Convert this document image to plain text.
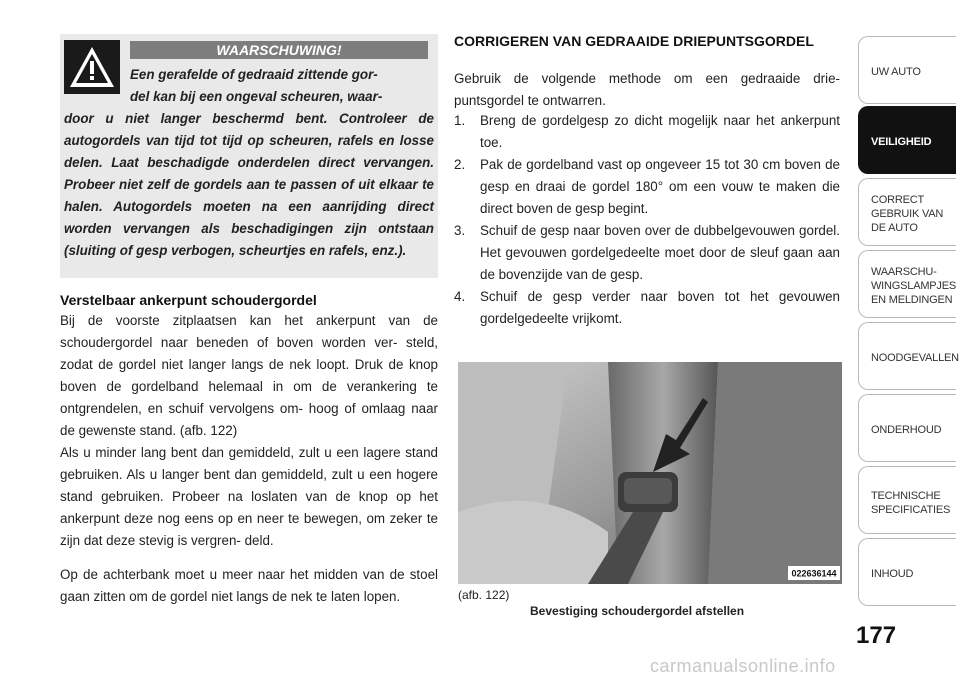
WAARSCHUWING!
Een gerafelde of gedraaid zittende gor-
del kan bij een ongeval scheuren, waar-
door u niet langer beschermd bent. Controleer de autogordels van tijd tot tijd op scheuren, rafels en losse delen. Laat beschadigde onderdelen direct vervangen. Probeer niet zelf de gordels aan te passen of uit elkaar te halen. Autogordels moeten na een aanrijding direct worden vervangen als beschadigingen zijn ontstaan (sluiting of gesp verbogen, scheurtjes en rafels, enz.).
Verstelbaar ankerpunt schoudergordel
Bij de voorste zitplaatsen kan het ankerpunt van de schoudergordel naar beneden of boven worden ver- steld, zodat de gordel niet langer langs de nek loopt. Druk de knop boven de gordelband helemaal in om de verankering te ontgrendelen, en schuif vervolgens om- hoog of omlaag naar de gewenste stand. (afb. 122)
Als u minder lang bent dan gemiddeld, zult u een lagere stand gebruiken. Als u langer bent dan gemiddeld, zult u een hogere stand gebruiken. Probeer na loslaten van de knop op het ankerpunt deze nog eens op en neer te bewegen, om zeker te zijn dat deze stevig is vergren- deld.
Op de achterbank moet u meer naar het midden van de stoel gaan zitten om de gordel niet langs de nek te laten lopen.
CORRIGEREN VAN GEDRAAIDE DRIEPUNTSGORDEL
Gebruik de volgende methode om een gedraaide drie- puntsgordel te ontwarren.
1. Breng de gordelgesp zo dicht mogelijk naar het ankerpunt toe.
2. Pak de gordelband vast op ongeveer 15 tot 30 cm boven de gesp en draai de gordel 180° om een vouw te maken die direct boven de gesp begint.
3. Schuif de gesp naar boven over de dubbelgevouwen gordel. Het gevouwen gordelgedeelte moet door de sleuf gaan aan de bovenzijde van de gesp.
4. Schuif de gesp verder naar boven tot het gevouwen gordelgedeelte vrijkomt.
022636144
(afb. 122)
Bevestiging schoudergordel afstellen
UW AUTO
VEILIGHEID
CORRECT
GEBRUIK VAN
DE AUTO
WAARSCHU-
WINGSLAMPJES
EN MELDINGEN
NOODGEVALLEN
ONDERHOUD
TECHNISCHE
SPECIFICATIES
INHOUD
177
carmanualsonline.info
